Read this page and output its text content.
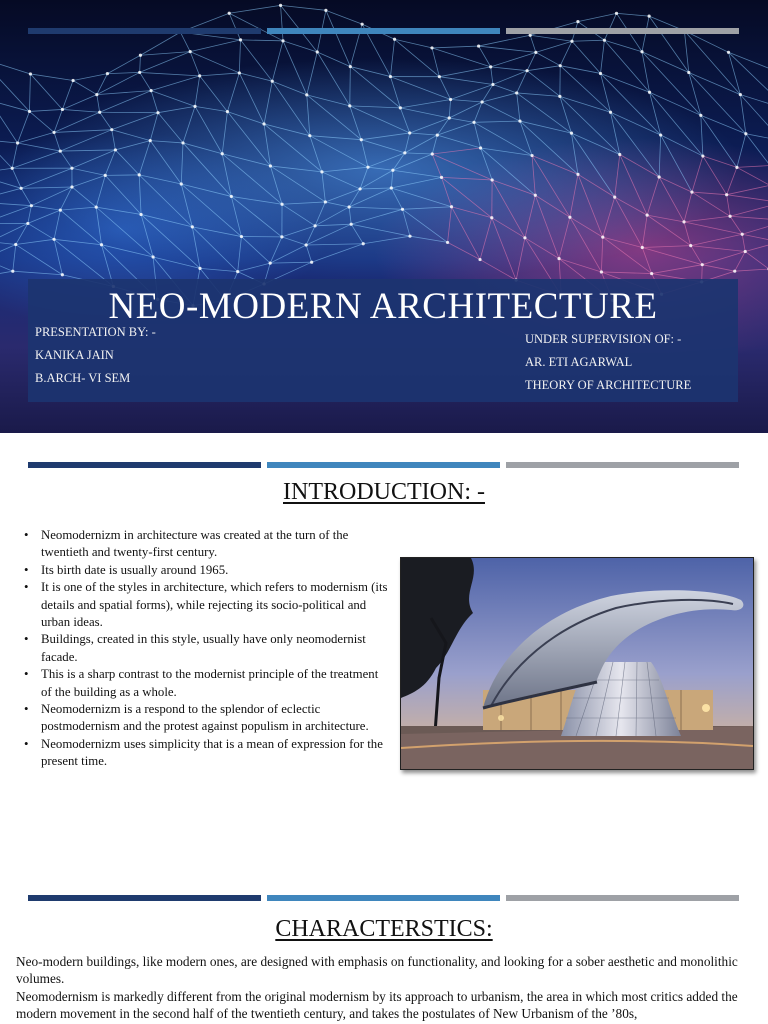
NEO-MODERN ARCHITECTURE
PRESENTATION BY: -
KANIKA JAIN
B.ARCH- VI SEM
UNDER SUPERVISION OF: -
AR. ETI AGARWAL
THEORY OF ARCHITECTURE
INTRODUCTION: -
• Neomodernizm in architecture was created at the turn of the twentieth and twenty-first century.
• Its birth date is usually around 1965.
• It is one of the styles in architecture, which refers to modernism (its details and spatial forms), while rejecting its socio-political and urban ideas.
• Buildings, created in this style, usually have only neomodernist facade.
• This is a sharp contrast to the modernist principle of the treatment of the building as a whole.
• Neomodernizm is a respond to the splendor of eclectic postmodernism and the protest against populism in architecture.
• Neomodernizm uses simplicity that is a mean of expression for the present time.
CHARACTERSTICS:

Neo-modern buildings, like modern ones, are designed with emphasis on functionality, and looking for a sober aesthetic and monolithic volumes.

Neomodernism is markedly different from the original modernism by its approach to urbanism, the area in which most critics added the modern movement in the second half of the twentieth century, and takes the postulates of New Urbanism of the ’80s,
